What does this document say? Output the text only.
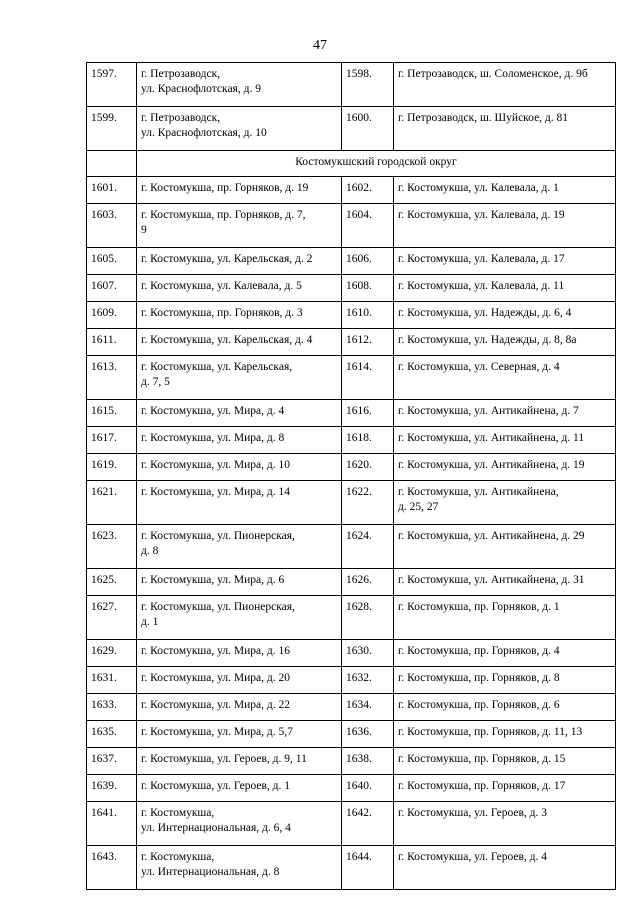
47
1597.	г. Петрозаводск,
ул. Краснофлотская, д. 9	1598.	г. Петрозаводск, ш. Соломенское, д. 9б

1599.	г. Петрозаводск,
ул. Краснофлотская, д. 10	1600.	г. Петрозаводск, ш. Шуйское, д. 81

	Костомукшский городской округ		

1601.	г. Костомукша, пр. Горняков, д. 19	1602.	г. Костомукша, ул. Калевала, д. 1

1603.	г. Костомукша, пр. Горняков, д. 7,
9	1604.	г. Костомукша, ул. Калевала, д. 19

1605.	г. Костомукша, ул. Карельская, д. 2	1606.	г. Костомукша, ул. Калевала, д. 17

1607.	г. Костомукша, ул. Калевала, д. 5	1608.	г. Костомукша, ул. Калевала, д. 11

1609.	г. Костомукша, пр. Горняков, д. 3	1610.	г. Костомукша, ул. Надежды, д. 6, 4

1611.	г. Костомукша, ул. Карельская, д. 4	1612.	г. Костомукша, ул. Надежды, д. 8, 8а

1613.	г. Костомукша, ул. Карельская,
д. 7, 5	1614.	г. Костомукша, ул. Северная, д. 4

1615.	г. Костомукша, ул. Мира, д. 4	1616.	г. Костомукша, ул. Антикайнена, д. 7

1617.	г. Костомукша, ул. Мира, д. 8	1618.	г. Костомукша, ул. Антикайнена, д. 11

1619.	г. Костомукша, ул. Мира, д. 10	1620.	г. Костомукша, ул. Антикайнена, д. 19

1621.	г. Костомукша, ул. Мира, д. 14	1622.	г. Костомукша, ул. Антикайнена,
д. 25, 27

1623.	г. Костомукша, ул. Пионерская,
д. 8	1624.	г. Костомукша, ул. Антикайнена, д. 29

1625.	г. Костомукша, ул. Мира, д. 6	1626.	г. Костомукша, ул. Антикайнена, д. 31

1627.	г. Костомукша, ул. Пионерская,
д. 1	1628.	г. Костомукша, пр. Горняков, д. 1

1629.	г. Костомукша, ул. Мира, д. 16	1630.	г. Костомукша, пр. Горняков, д. 4

1631.	г. Костомукша, ул. Мира, д. 20	1632.	г. Костомукша, пр. Горняков, д. 8

1633.	г. Костомукша, ул. Мира, д. 22	1634.	г. Костомукша, пр. Горняков, д. 6

1635.	г. Костомукша, ул. Мира, д. 5,7	1636.	г. Костомукша, пр. Горняков, д. 11, 13

1637.	г. Костомукша, ул. Героев, д. 9, 11	1638.	г. Костомукша, пр. Горняков, д. 15

1639.	г. Костомукша, ул. Героев, д. 1	1640.	г. Костомукша, пр. Горняков, д. 17

1641.	г. Костомукша,
ул. Интернациональная, д. 6, 4	1642.	г. Костомукша, ул. Героев, д. 3

1643.	г. Костомукша,
ул. Интернациональная, д. 8	1644.	г. Костомукша, ул. Героев, д. 4
